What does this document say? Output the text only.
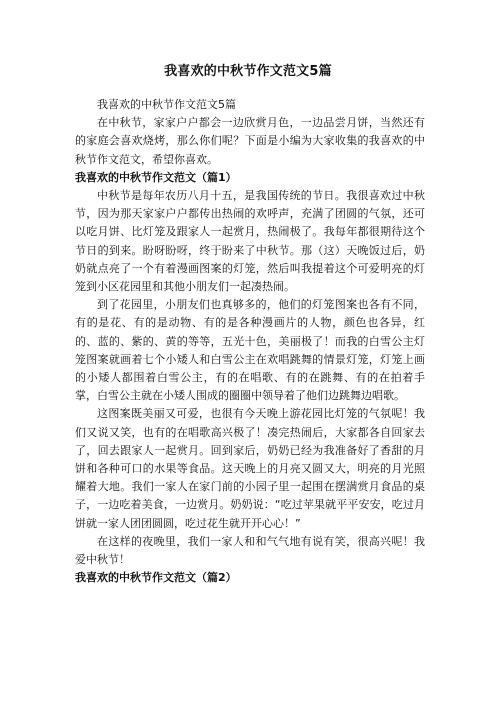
我喜欢的中秋节作文范文5篇

我喜欢的中秋节作文范文5篇

在中秋节，家家户户都会一边欣赏月色，一边品尝月饼，当然还有的家庭会喜欢烧烤，那么你们呢？下面是小编为大家收集的我喜欢的中秋节作文范文，希望你喜欢。

我喜欢的中秋节作文范文（篇1）

中秋节是每年农历八月十五，是我国传统的节日。我很喜欢过中秋节，因为那天家家户户都传出热闹的欢呼声，充满了团圆的气氛，还可以吃月饼、比灯笼及跟家人一起赏月，热闹极了。我每年都很期待这个节日的到来。盼呀盼呀，终于盼来了中秋节。那（这）天晚饭过后，奶奶就点亮了一个有着漫画图案的灯笼，然后叫我提着这个可爱明亮的灯笼到小区花园里和其他小朋友们一起凑热闹。

到了花园里，小朋友们也真够多的，他们的灯笼图案也各有不同，有的是花、有的是动物、有的是各种漫画片的人物，颜色也各异，红的、蓝的、紫的、黄的等等，五光十色，美丽极了！而我的白雪公主灯笼图案就画着七个小矮人和白雪公主在欢唱跳舞的情景灯笼，灯笼上画的小矮人都围着白雪公主，有的在唱歌、有的在跳舞、有的在拍着手掌，白雪公主就在小矮人围成的圈圈中领导着了他们边跳舞边唱歌。

这图案既美丽又可爱，也很有今天晚上游花园比灯笼的气氛呢！我们又说又笑，也有的在唱歌高兴极了！凑完热闹后，大家都各自回家去了，回去跟家人一起赏月。回到家后，奶奶已经为我准备好了香甜的月饼和各种可口的水果等食品。这天晚上的月亮又圆又大，明亮的月光照耀着大地。我们一家人在家门前的小园子里一起围在摆满赏月食品的桌子，一边吃着美食，一边赏月。奶奶说：“吃过苹果就平平安安，吃过月饼就一家人团团圆圆，吃过花生就开开心心！”

在这样的夜晚里，我们一家人和和气气地有说有笑，很高兴呢！我爱中秋节！

我喜欢的中秋节作文范文（篇2）
